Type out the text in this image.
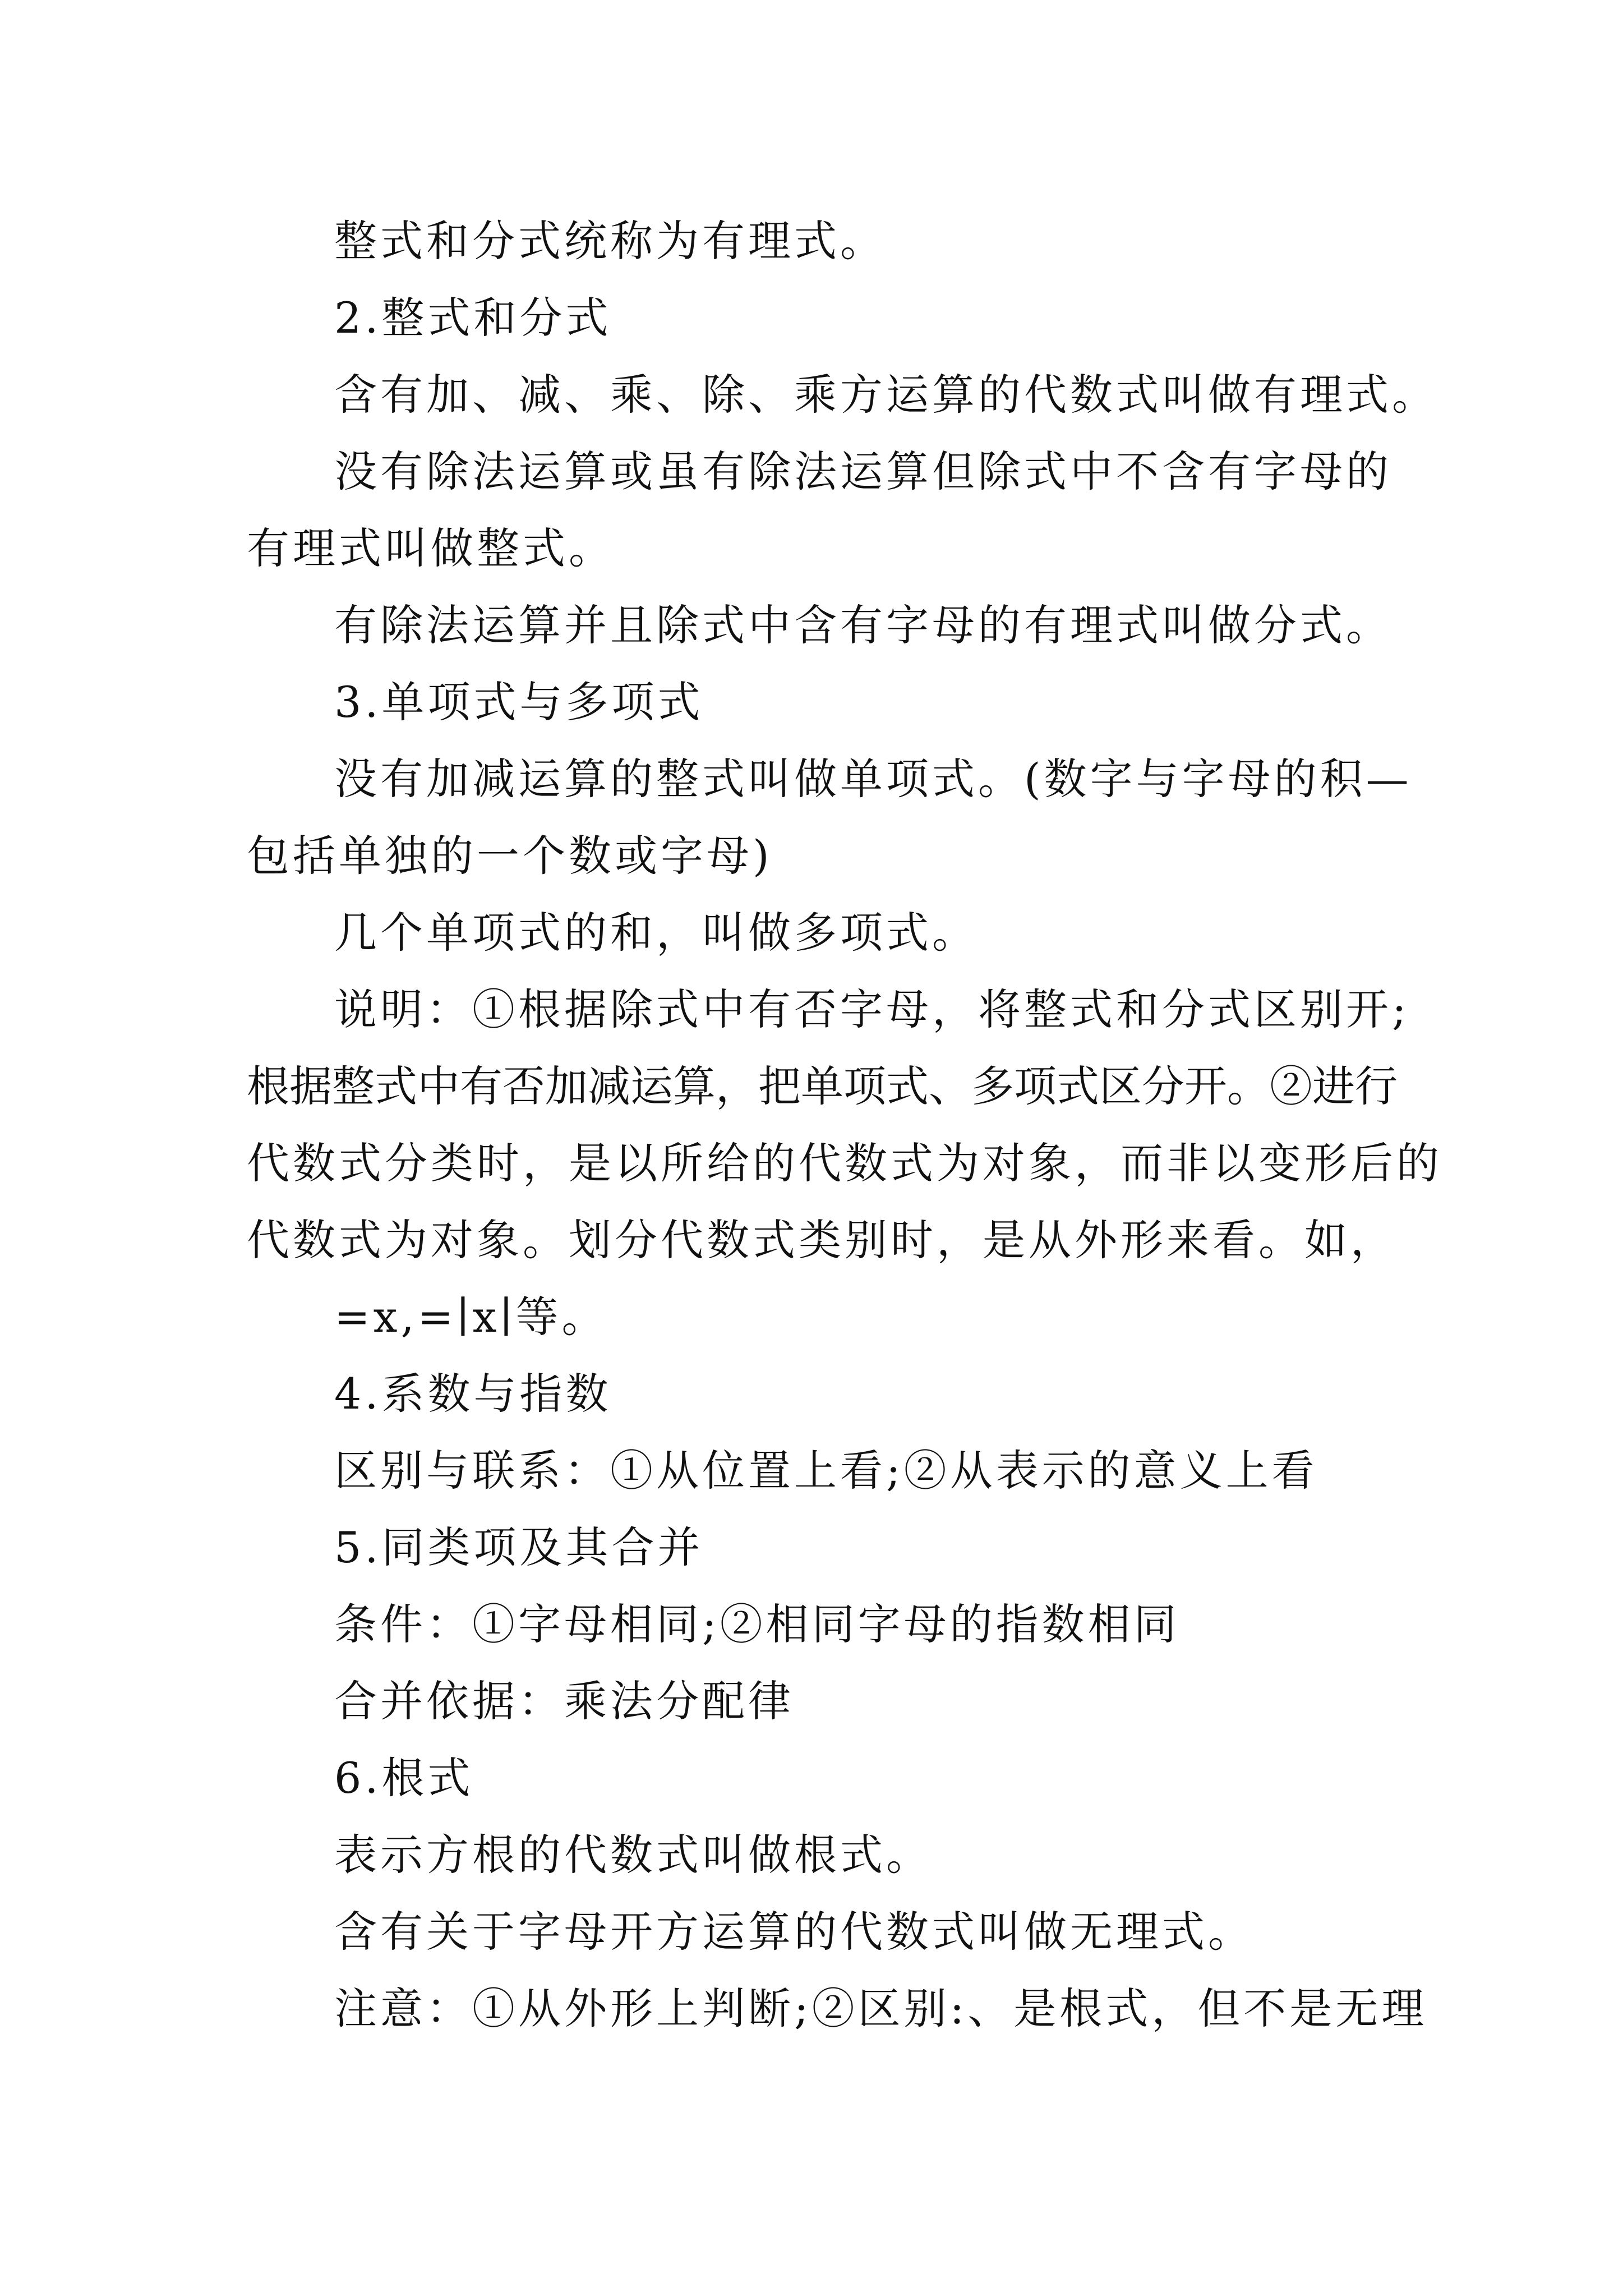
整式和分式统称为有理式。
2.整式和分式
含有加、减、乘、除、乘方运算的代数式叫做有理式。
没有除法运算或虽有除法运算但除式中不含有字母的
有理式叫做整式。
有除法运算并且除式中含有字母的有理式叫做分式。
3.单项式与多项式
没有加减运算的整式叫做单项式。(数字与字母的积—
包括单独的一个数或字母)
几个单项式的和，叫做多项式。
说明：①根据除式中有否字母，将整式和分式区别开;
根据整式中有否加减运算，把单项式、多项式区分开。②进行
代数式分类时，是以所给的代数式为对象，而非以变形后的
代数式为对象。划分代数式类别时，是从外形来看。如，
=x,=∣x∣等。
4.系数与指数
区别与联系：①从位置上看;②从表示的意义上看
5.同类项及其合并
条件：①字母相同;②相同字母的指数相同
合并依据：乘法分配律
6.根式
表示方根的代数式叫做根式。
含有关于字母开方运算的代数式叫做无理式。
注意：①从外形上判断;②区别:、是根式，但不是无理
